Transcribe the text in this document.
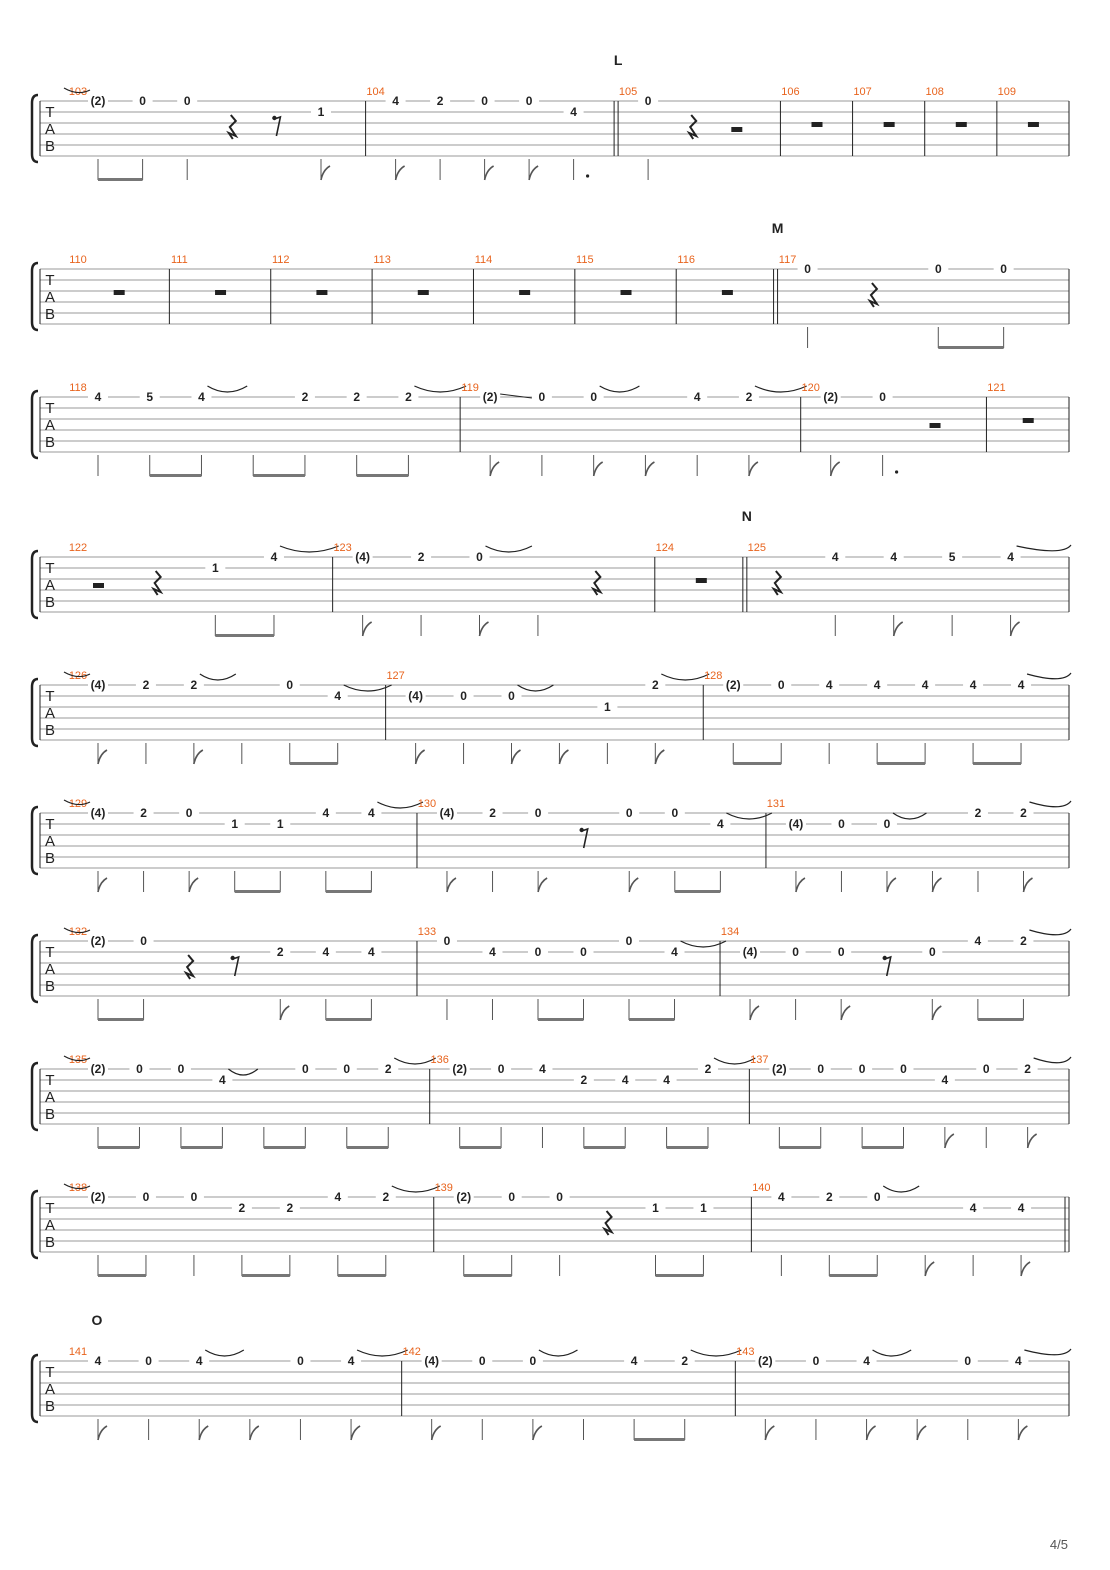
T
A
B
103
(2)	0	0
1
104
4	2	0	0
4
105
0
L
106	107	108	109
T
A
B
110	111	112	113	114	115	116	117
0	0	0
M
T
A
B
118
4	5	4	2	2	2
119
(2)	0	0	4	2
120
(2)	0
121
T
A
B
122
1
4
123
(4)	2	0
124	125
4	4	5	4
N
T
A
B
126
(4)	2	2	0
4
127
(4)	0	0
1
2
128
(2)	0	4	4	4	4	4
T
A
B
129
(4)	2	0
1	1
4	4
130
(4)	2	0	0	0
4
131
(4)	0	0
2	2
T
A
B
132
(2)	0
2	4	4
133
0
4	0	0
0
4
134
(4)	0	0	0
4	2
T
A
B
135
(2)	0	0
4
0	0	2
136
(2)	0	4
2	4	4
2
137
(2)	0	0	0
4
0	2
T
A
B
138
(2)	0	0
2	2
4	2
139
(2)	0	0
1	1
140
4	2	0
4	4
T
A
B
141
4	0	4	0	4
O
142
(4)	0	0	4	2
143
(2)	0	4	0	4
4/5
